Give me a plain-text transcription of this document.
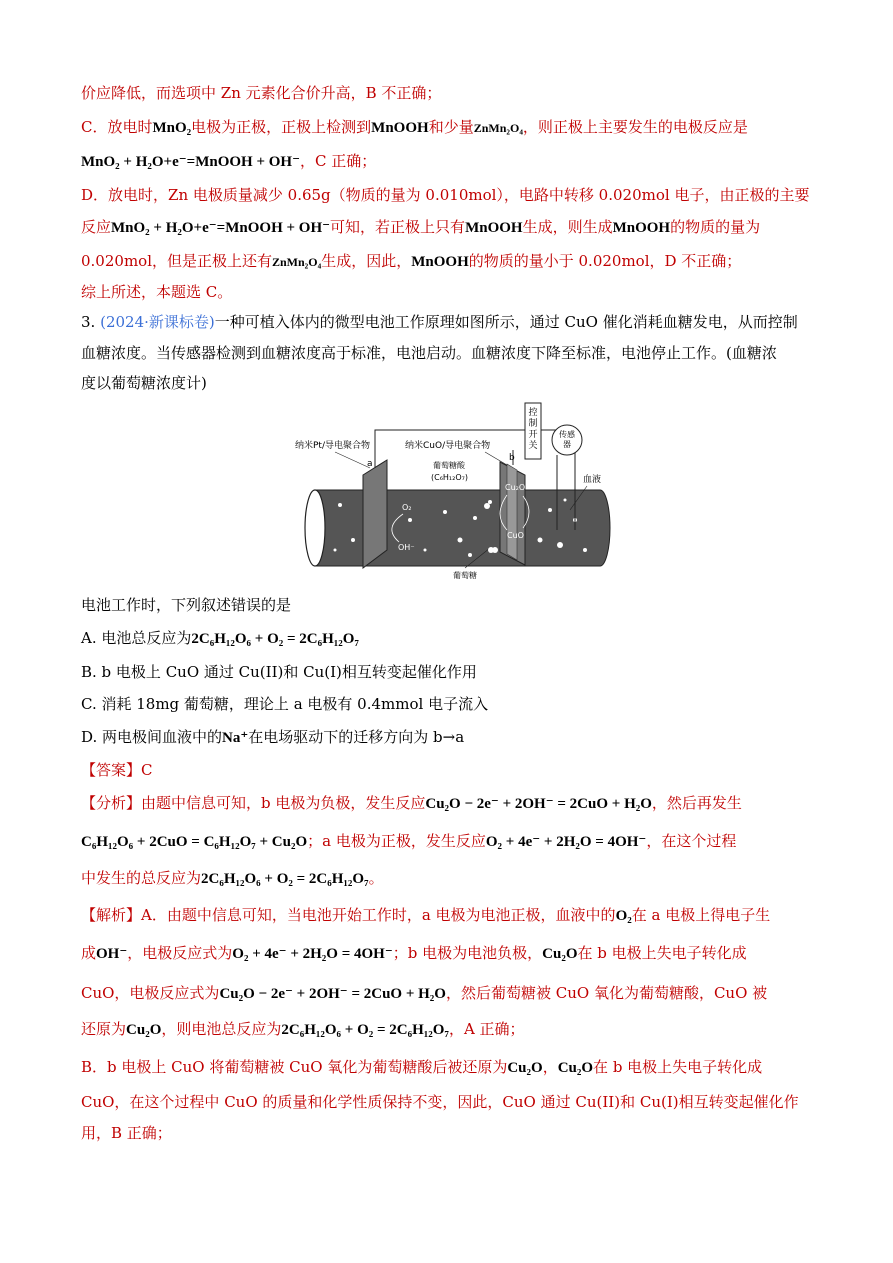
价应降低，而选项中 Zn 元素化合价升高，B 不正确；
C．放电时MnO₂电极为正极，正极上检测到MnOOH和少量ZnMn₂O₄，则正极上主要发生的电极反应是
MnO₂ + H₂O+e⁻=MnOOH + OH⁻，C 正确；
D．放电时，Zn 电极质量减少 0.65g（物质的量为 0.010mol），电路中转移 0.020mol 电子，由正极的主要
反应MnO₂ + H₂O+e⁻=MnOOH + OH⁻可知，若正极上只有MnOOH生成，则生成MnOOH的物质的量为
0.020mol，但是正极上还有ZnMn₂O₄生成，因此，MnOOH的物质的量小于 0.020mol，D 不正确；
综上所述，本题选 C。
3. (2024·新课标卷)一种可植入体内的微型电池工作原理如图所示，通过 CuO 催化消耗血糖发电，从而控制
血糖浓度。当传感器检测到血糖浓度高于标准，电池启动。血糖浓度下降至标准，电池停止工作。(血糖浓
度以葡萄糖浓度计)
控
制
开
关
传感
器
纳米Pt/导电聚合物
a
纳米CuO/导电聚合物
b
葡萄糖酸
(C₆H₁₂O₇)	血液
葡萄糖
O₂
OH⁻
Cu₂O
CuO
电池工作时，下列叙述错误的是
A. 电池总反应为2C₆H₁₂O₆ + O₂ = 2C₆H₁₂O₇
B. b 电极上 CuO 通过 Cu(II)和 Cu(I)相互转变起催化作用
C. 消耗 18mg 葡萄糖，理论上 a 电极有 0.4mmol 电子流入
D. 两电极间血液中的Na⁺在电场驱动下的迁移方向为 b→a
【答案】C
【分析】由题中信息可知，b 电极为负极，发生反应Cu₂O − 2e⁻ + 2OH⁻ = 2CuO + H₂O，然后再发生
C₆H₁₂O₆ + 2CuO = C₆H₁₂O₇ + Cu₂O；a 电极为正极，发生反应O₂ + 4e⁻ + 2H₂O = 4OH⁻，在这个过程
中发生的总反应为2C₆H₁₂O₆ + O₂ = 2C₆H₁₂O₇。
【解析】A．由题中信息可知，当电池开始工作时，a 电极为电池正极，血液中的O₂在 a 电极上得电子生
成OH⁻，电极反应式为O₂ + 4e⁻ + 2H₂O = 4OH⁻；b 电极为电池负极，Cu₂O在 b 电极上失电子转化成
CuO，电极反应式为Cu₂O − 2e⁻ + 2OH⁻ = 2CuO + H₂O，然后葡萄糖被 CuO 氧化为葡萄糖酸，CuO 被
还原为Cu₂O，则电池总反应为2C₆H₁₂O₆ + O₂ = 2C₆H₁₂O₇，A 正确；
B．b 电极上 CuO 将葡萄糖被 CuO 氧化为葡萄糖酸后被还原为Cu₂O，Cu₂O在 b 电极上失电子转化成
CuO，在这个过程中 CuO 的质量和化学性质保持不变，因此，CuO 通过 Cu(II)和 Cu(I)相互转变起催化作
用，B 正确；
